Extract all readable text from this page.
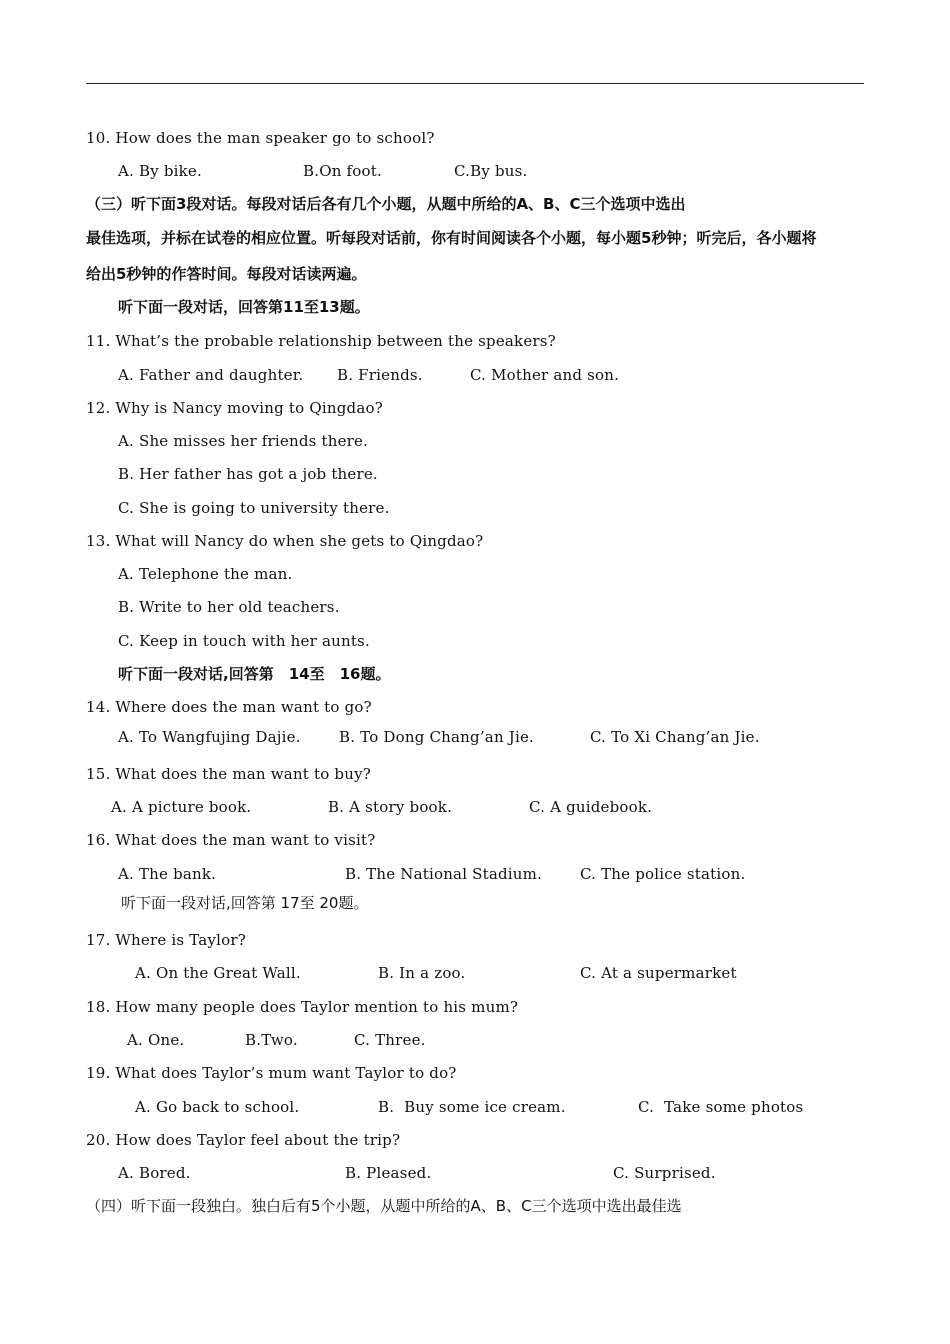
10. How does the man speaker go to school?
A. By bike.	B.On foot.	C.By bus.
（三）听下面3段对话。每段对话后各有几个小题，从题中所给的A、B、C三个选项中选出
最佳选项，并标在试卷的相应位置。听每段对话前，你有时间阅读各个小题，每小题5秒钟；听完后，各小题将
给出5秒钟的作答时间。每段对话读两遍。
听下面一段对话，回答第11至13题。
11. What’s the probable relationship between the speakers?
A. Father and daughter. B. Friends.	C. Mother and son.
12. Why is Nancy moving to Qingdao?
A. She misses her friends there.
B. Her father has got a job there.
C. She is going to university there.
13. What will Nancy do when she gets to Qingdao?
A. Telephone the man.
B. Write to her old teachers.
C. Keep in touch with her aunts.
听下面一段对话,回答第　14至　16题。
14. Where does the man want to go?
A. To Wangfujing Dajie.	B. To Dong Chang’an Jie.	C. To Xi Chang’an Jie.
15. What does the man want to buy?
A. A picture book.	B. A story book.	C. A guidebook.
16. What does the man want to visit?
A. The bank.	B. The National Stadium.	C. The police station.
听下面一段对话,回答第 17至 20题。
17. Where is Taylor?
A. On the Great Wall.	B. In a zoo.	C. At a supermarket
18. How many people does Taylor mention to his mum?
A. One.	B.Two.	C. Three.
19. What does Taylor’s mum want Taylor to do?
A. Go back to school.	B.  Buy some ice cream.	C.  Take some photos
20. How does Taylor feel about the trip?
A. Bored.	B. Pleased.	C. Surprised.
（四）听下面一段独白。独白后有5个小题，从题中所给的A、B、C三个选项中选出最佳选
